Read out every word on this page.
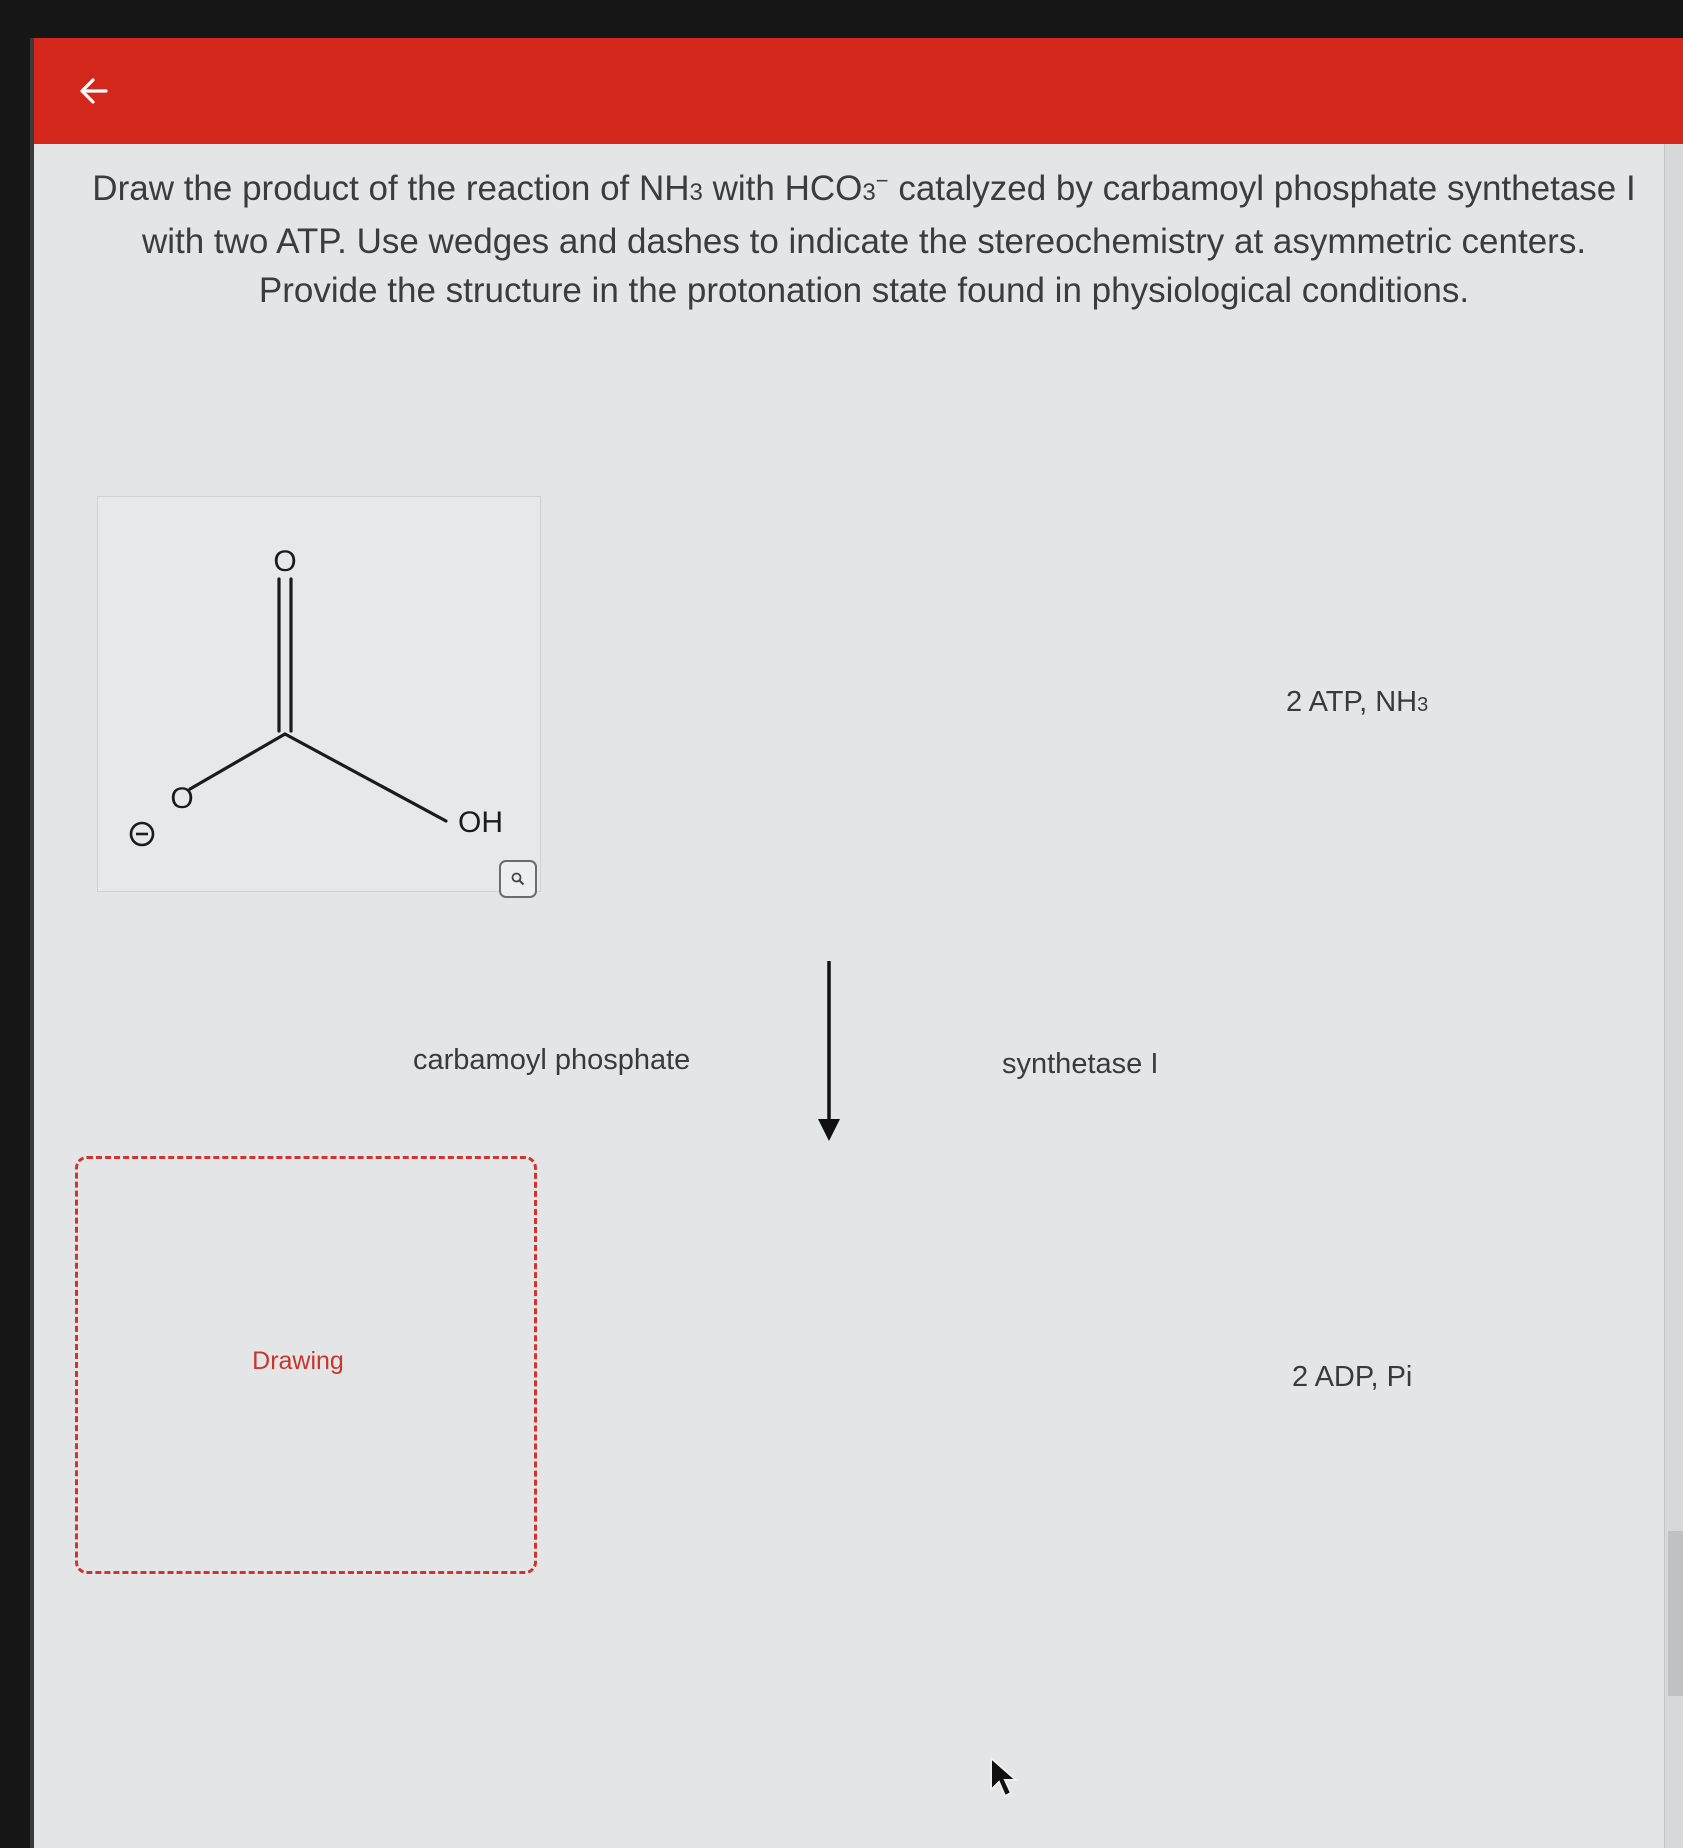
Draw the product of the reaction of NH3 with HCO3− catalyzed by carbamoyl phosphate synthetase I with two ATP. Use wedges and dashes to indicate the stereochemistry at asymmetric centers. Provide the structure in the protonation state found in physiological conditions.
O
O
OH
2 ATP, NH3
carbamoyl phosphate	synthetase I
Drawing
2 ADP, Pi
